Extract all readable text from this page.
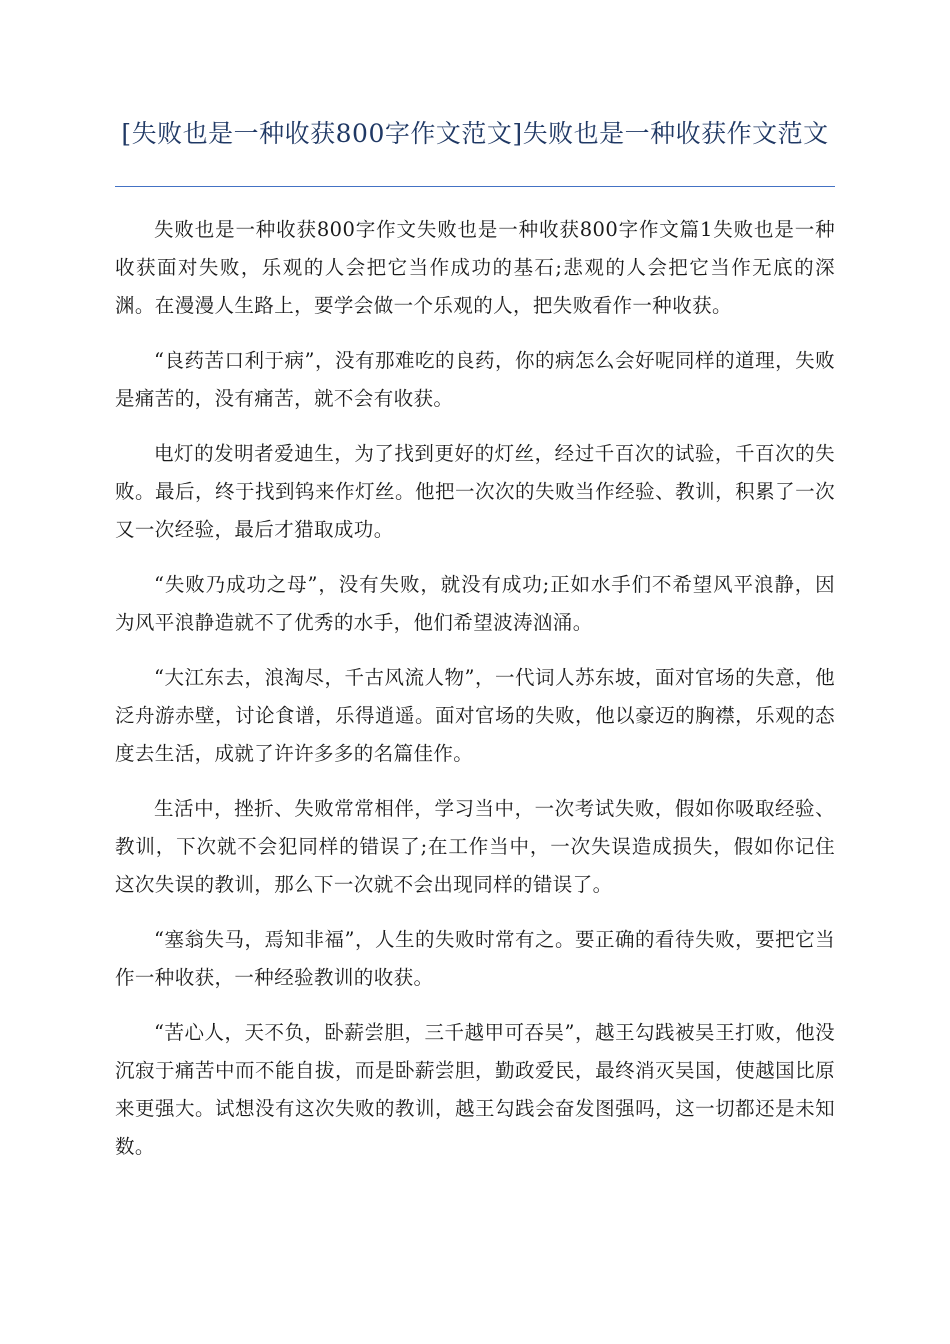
[失败也是一种收获800字作文范文]失败也是一种收获作文范文

失败也是一种收获800字作文失败也是一种收获800字作文篇1失败也是一种收获面对失败，乐观的人会把它当作成功的基石;悲观的人会把它当作无底的深渊。在漫漫人生路上，要学会做一个乐观的人，把失败看作一种收获。

“良药苦口利于病”，没有那难吃的良药，你的病怎么会好呢同样的道理，失败是痛苦的，没有痛苦，就不会有收获。

电灯的发明者爱迪生，为了找到更好的灯丝，经过千百次的试验，千百次的失败。最后，终于找到钨来作灯丝。他把一次次的失败当作经验、教训，积累了一次又一次经验，最后才猎取成功。

“失败乃成功之母”，没有失败，就没有成功;正如水手们不希望风平浪静，因为风平浪静造就不了优秀的水手，他们希望波涛汹涌。

“大江东去，浪淘尽，千古风流人物”，一代词人苏东坡，面对官场的失意，他泛舟游赤壁，讨论食谱，乐得逍遥。面对官场的失败，他以豪迈的胸襟，乐观的态度去生活，成就了许许多多的名篇佳作。

生活中，挫折、失败常常相伴，学习当中，一次考试失败，假如你吸取经验、教训，下次就不会犯同样的错误了;在工作当中，一次失误造成损失，假如你记住这次失误的教训，那么下一次就不会出现同样的错误了。

“塞翁失马，焉知非福”，人生的失败时常有之。要正确的看待失败，要把它当作一种收获，一种经验教训的收获。

“苦心人，天不负，卧薪尝胆，三千越甲可吞吴”，越王勾践被吴王打败，他没沉寂于痛苦中而不能自拔，而是卧薪尝胆，勤政爱民，最终消灭吴国，使越国比原来更强大。试想没有这次失败的教训，越王勾践会奋发图强吗，这一切都还是未知数。
